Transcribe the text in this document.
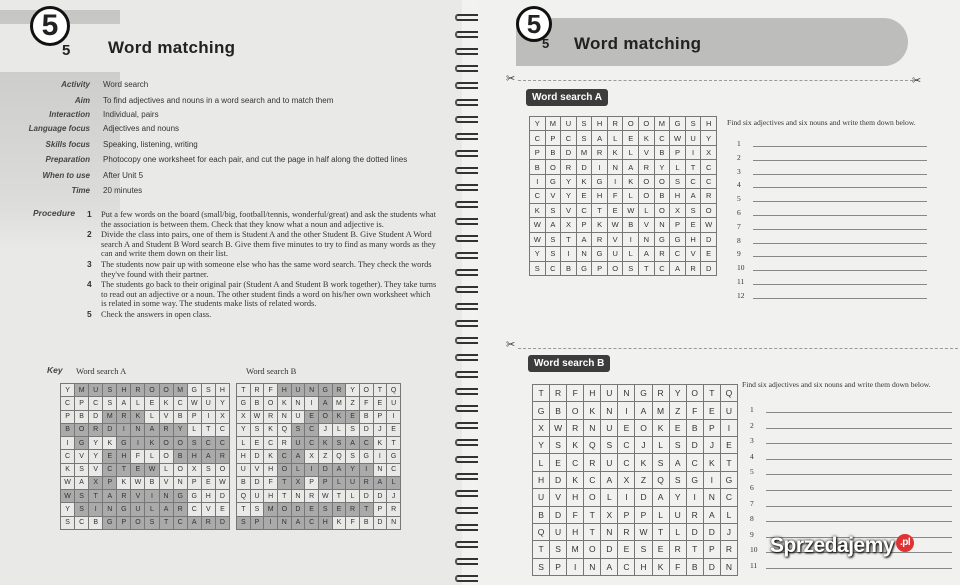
5
5 Word matching
Activity Word search
Aim To find adjectives and nouns in a word search and to match them
Interaction Individual, pairs
Language focus Adjectives and nouns
Skills focus Speaking, listening, writing
Preparation Photocopy one worksheet for each pair, and cut the page in half along the dotted lines
When to use After Unit 5
Time 20 minutes
Procedure 1 Put a few words on the board (small/big, football/tennis, wonderful/great) and ask the students what the association is between them. Check that they know what a noun and adjective is.
2 Divide the class into pairs, one of them is Student A and the other Student B. Give Student A Word search A and Student B Word search B. Give them five minutes to try to find as many words as they can and write them down on their list.
3 The students now pair up with someone else who has the same word search. They check the words they've found with their partner.
4 The students go back to their original pair (Student A and Student B work together). They take turns to read out an adjective or a noun. The other student finds a word on his/her own worksheet which is related in some way. The students make lists of related words.
5 Check the answers in open class.
Key Word search A	Word search B
Y	M	U	S	H	R	O	O	M	G	S	H
C	P	C	S	A	L	E	K	C	W	U	Y
P	B	D	M	R	K	L	V	B	P	I	X
B	O	R	D	I	N	A	R	Y	L	T	C
I	G	Y	K	G	I	K	O	O	S	C	C
C	V	Y	E	H	F	L	O	B	H	A	R
K	S	V	C	T	E	W	L	O	X	S	O
W	A	X	P	K	W	B	V	N	P	E	W
W	S	T	A	R	V	I	N	G	G	H	D
Y	S	I	N	G	U	L	A	R	C	V	E
S	C	B	G	P	O	S	T	C	A	R	D
T	R	F	H	U	N	G	R	Y	O	T	Q
G	B	O	K	N	I	A	M	Z	F	E	U
X	W	R	N	U	E	O	K	E	B	P	I
Y	S	K	Q	S	C	J	L	S	D	J	E
L	E	C	R	U	C	K	S	A	C	K	T
H	D	K	C	A	X	Z	Q	S	G	I	G
U	V	H	O	L	I	D	A	Y	I	N	C
B	D	F	T	X	P	P	L	U	R	A	L
Q	U	H	T	N	R	W	T	L	D	D	J
T	S	M	O	D	E	S	E	R	T	P	R
S	P	I	N	A	C	H	K	F	B	D	N
5
5 Word matching
✂	✂
Word search A
Y	M	U	S	H	R	O	O	M	G	S	H
C	P	C	S	A	L	E	K	C	W	U	Y
P	B	D	M	R	K	L	V	B	P	I	X
B	O	R	D	I	N	A	R	Y	L	T	C
I	G	Y	K	G	I	K	O	O	S	C	C
C	V	Y	E	H	F	L	O	B	H	A	R
K	S	V	C	T	E	W	L	O	X	S	O
W	A	X	P	K	W	B	V	N	P	E	W
W	S	T	A	R	V	I	N	G	G	H	D
Y	S	I	N	G	U	L	A	R	C	V	E
S	C	B	G	P	O	S	T	C	A	R	D
Find six adjectives and six nouns and write them down below.
1
2
3
4
5
6
7
8
9
10
11
12
✂
Word search B
T	R	F	H	U	N	G	R	Y	O	T	Q
G	B	O	K	N	I	A	M	Z	F	E	U
X	W	R	N	U	E	O	K	E	B	P	I
Y	S	K	Q	S	C	J	L	S	D	J	E
L	E	C	R	U	C	K	S	A	C	K	T
H	D	K	C	A	X	Z	Q	S	G	I	G
U	V	H	O	L	I	D	A	Y	I	N	C
B	D	F	T	X	P	P	L	U	R	A	L
Q	U	H	T	N	R	W	T	L	D	D	J
T	S	M	O	D	E	S	E	R	T	P	R
S	P	I	N	A	C	H	K	F	B	D	N
Find six adjectives and six nouns and write them down below.
1
2
3
4
5
6
7
8
9
10
11
Sprzedajemy .pl
